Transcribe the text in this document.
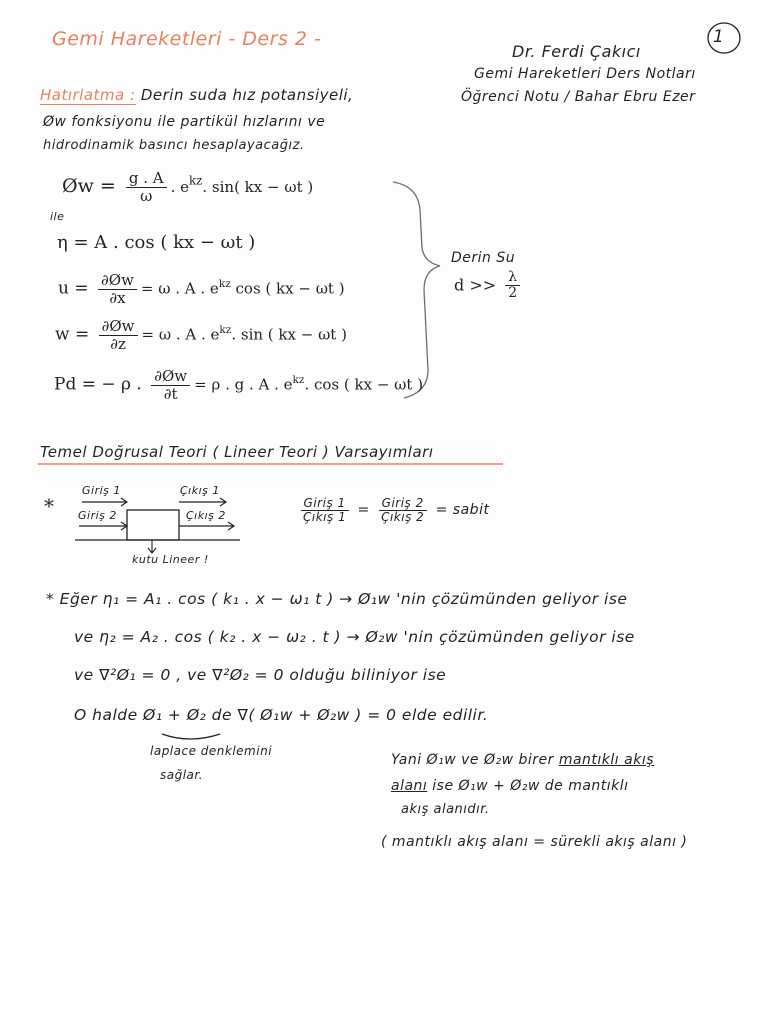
Gemi Hareketleri - Ders 2 -	1
Dr. Ferdi Çakıcı
Gemi Hareketleri Ders Notları
Öğrenci Notu / Bahar Ebru Ezer
Hatırlatma : Derin suda hız potansiyeli,
Øw fonksiyonu ile partikül hızlarını ve
hidrodinamik basıncı hesaplayacağız.
Øw = $\frac{g . A}{\omega}$ . $e^{kz}$. sin( kx − ωt )
ile
η = A . cos ( kx − ωt )
$u = \frac{\partial Øw}{\partial x} = \omega$ . A . $e^{kz}$ cos ( kx − ωt )
$w = \frac{\partial Øw}{\partial z} = \omega$ . A . $e^{kz}$. sin ( kx − ωt )
Pd = − ρ . $\frac{\partial Øw}{\partial t} = \rho$ . g . A . $e^{kz}$. cos ( kx − ωt )
Derin Su
$d >> \frac{\lambda}{2}$
Temel Doğrusal Teori ( Lineer Teori ) Varsayımları
*
Giriş 1
Giriş 2
Çıkış 1
Çıkış 2
kutu Lineer !
$\frac{\text{Giriş 1}}{\text{Çıkış 1}} = \frac{\text{Giriş 2}}{\text{Çıkış 2}}$ = sabit
* Eğer η₁ = A₁ . cos ( k₁ . x − ω₁ t ) → Ø₁w 'nin çözümünden geliyor ise
ve η₂ = A₂ . cos ( k₂ . x − ω₂ . t ) → Ø₂w 'nin çözümünden geliyor ise
ve ∇²Ø₁ = 0 , ve ∇²Ø₂ = 0 olduğu biliniyor ise
O halde Ø₁ + Ø₂ de ∇( Ø₁w + Ø₂w ) = 0 elde edilir.
laplace denklemini
sağlar.
Yani Ø₁w ve Ø₂w birer mantıklı akış
alanı ise Ø₁w + Ø₂w de mantıklı
akış alanıdır.
( mantıklı akış alanı = sürekli akış alanı )
